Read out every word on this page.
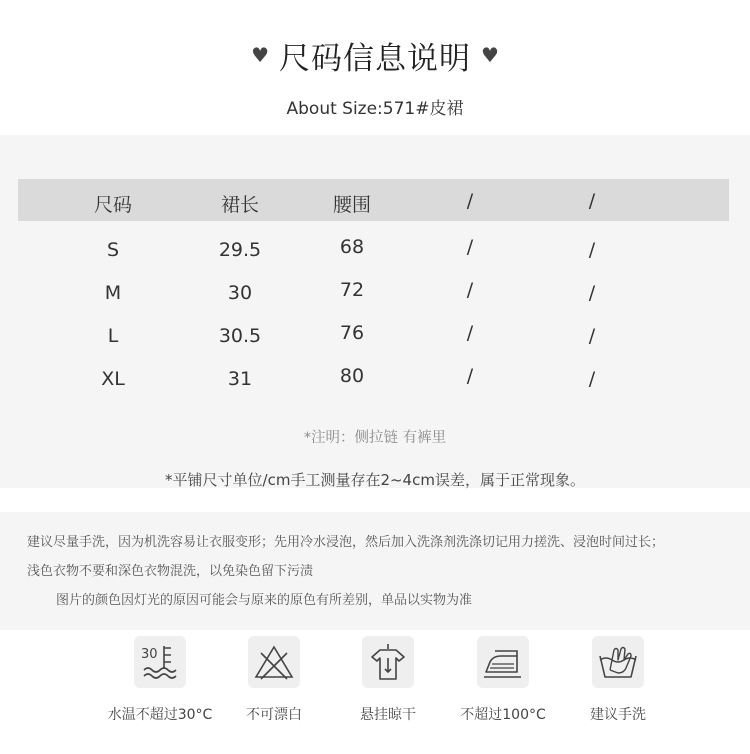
♥ 尺码信息说明 ♥
About Size:571#皮裙
尺码	裙长	腰围	/	/
S	29.5	68	/	/
M	30	72	/	/
L	30.5	76	/	/
XL	31	80	/	/
*注明：侧拉链 有裤里
*平铺尺寸单位/cm手工测量存在2~4cm误差，属于正常现象。
建议尽量手洗，因为机洗容易让衣服变形；先用冷水浸泡，然后加入洗涤剂洗涤切记用力搓洗、浸泡时间过长；
浅色衣物不要和深色衣物混洗，以免染色留下污渍
图片的颜色因灯光的原因可能会与原来的原色有所差别，单品以实物为准
30
水温不超过30°C	不可漂白	悬挂晾干	不超过100°C	建议手洗
